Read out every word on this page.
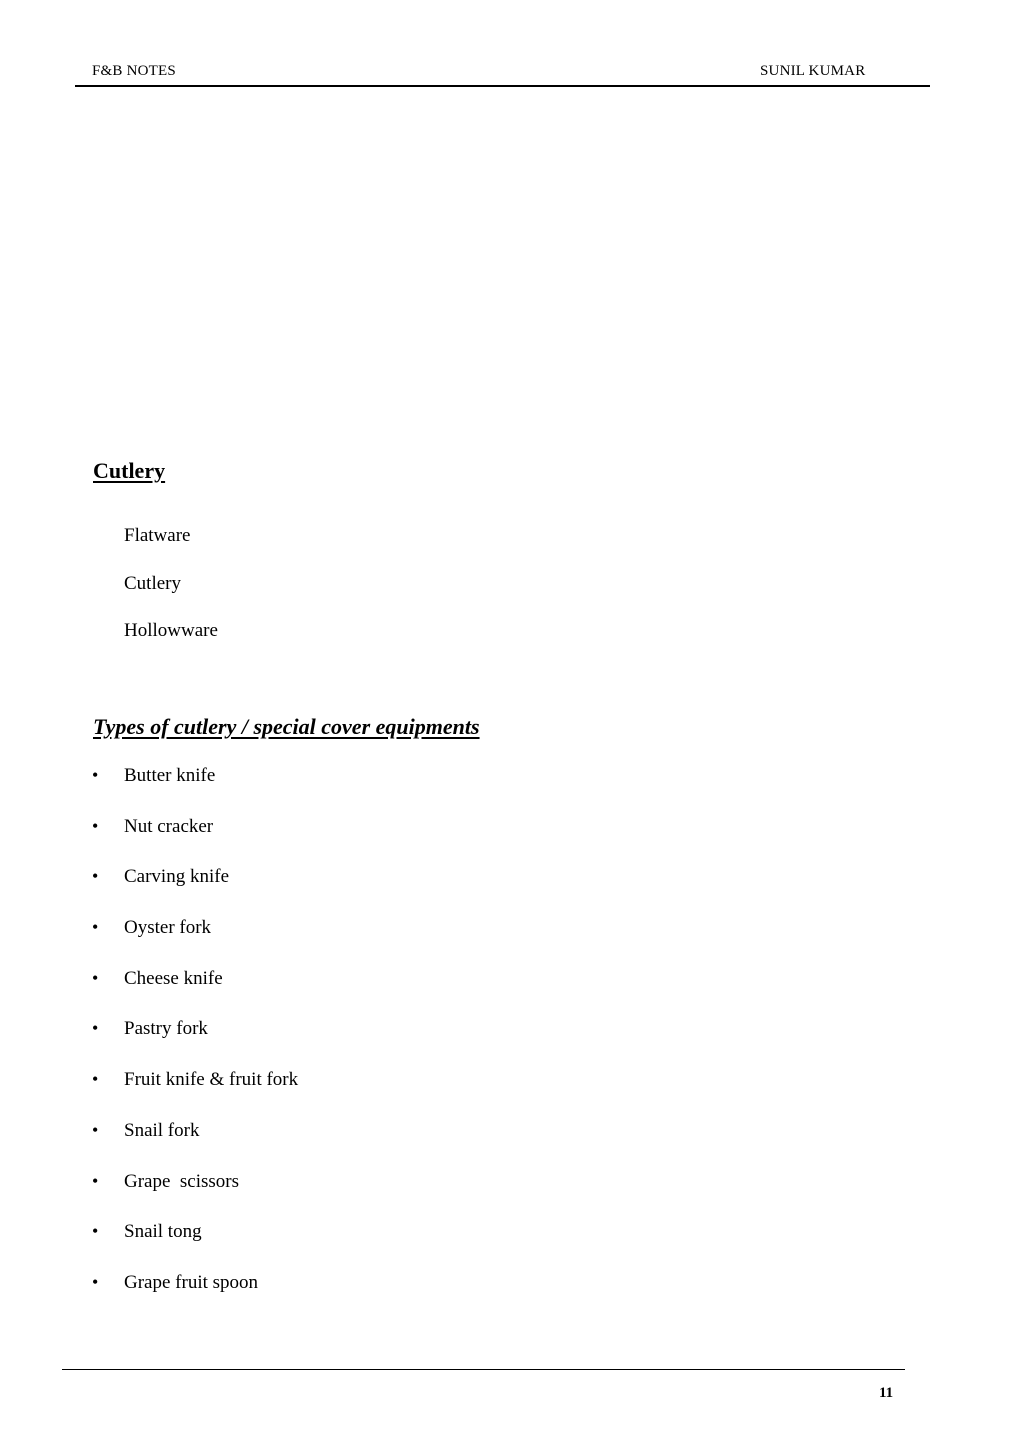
F&B NOTES	SUNIL KUMAR
Cutlery
Flatware
Cutlery
Hollowware
Types of cutlery / special cover equipments
• Butter knife
• Nut cracker
• Carving knife
• Oyster fork
• Cheese knife
• Pastry fork
• Fruit knife & fruit fork
• Snail fork
• Grape  scissors
• Snail tong
• Grape fruit spoon
11
